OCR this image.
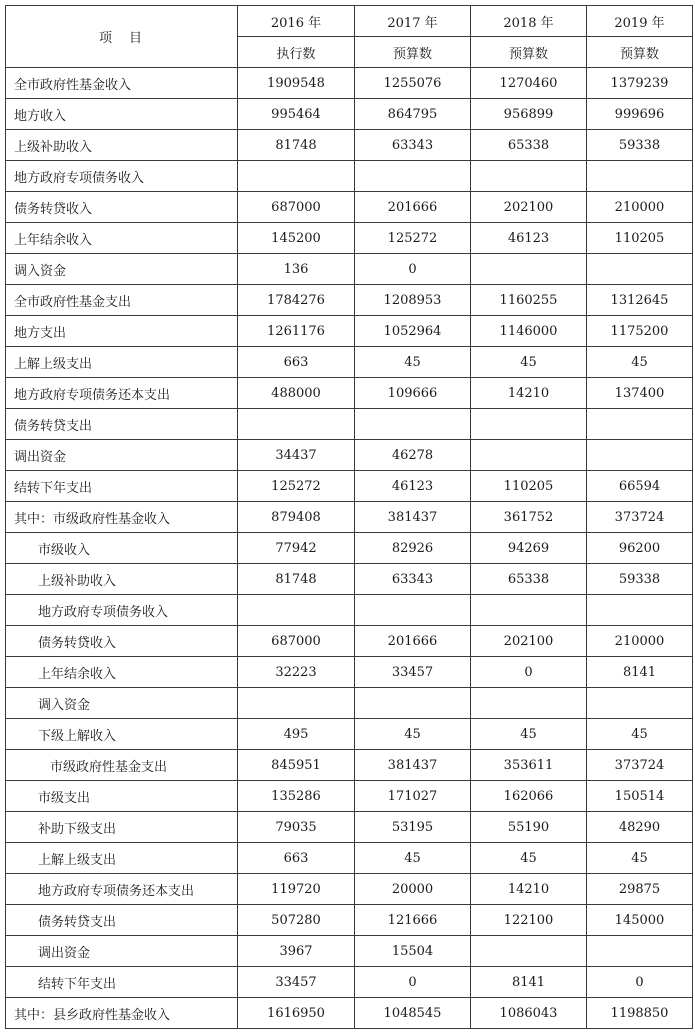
项　目	2016 年	2017 年	2018 年	2019 年
	执行数	预算数	预算数	预算数
全市政府性基金收入	1909548	1255076	1270460	1379239
地方收入	995464	864795	956899	999696
上级补助收入	81748	63343	65338	59338
地方政府专项债务收入				
债务转贷收入	687000	201666	202100	210000
上年结余收入	145200	125272	46123	110205
调入资金	136	0		
全市政府性基金支出	1784276	1208953	1160255	1312645
地方支出	1261176	1052964	1146000	1175200
上解上级支出	663	45	45	45
地方政府专项债务还本支出	488000	109666	14210	137400
债务转贷支出				
调出资金	34437	46278		
结转下年支出	125272	46123	110205	66594
其中：市级政府性基金收入	879408	381437	361752	373724
市级收入	77942	82926	94269	96200
上级补助收入	81748	63343	65338	59338
地方政府专项债务收入				
债务转贷收入	687000	201666	202100	210000
上年结余收入	32223	33457	0	8141
调入资金				
下级上解收入	495	45	45	45
市级政府性基金支出	845951	381437	353611	373724
市级支出	135286	171027	162066	150514
补助下级支出	79035	53195	55190	48290
上解上级支出	663	45	45	45
地方政府专项债务还本支出	119720	20000	14210	29875
债务转贷支出	507280	121666	122100	145000
调出资金	3967	15504		
结转下年支出	33457	0	8141	0
其中：县乡政府性基金收入	1616950	1048545	1086043	1198850
